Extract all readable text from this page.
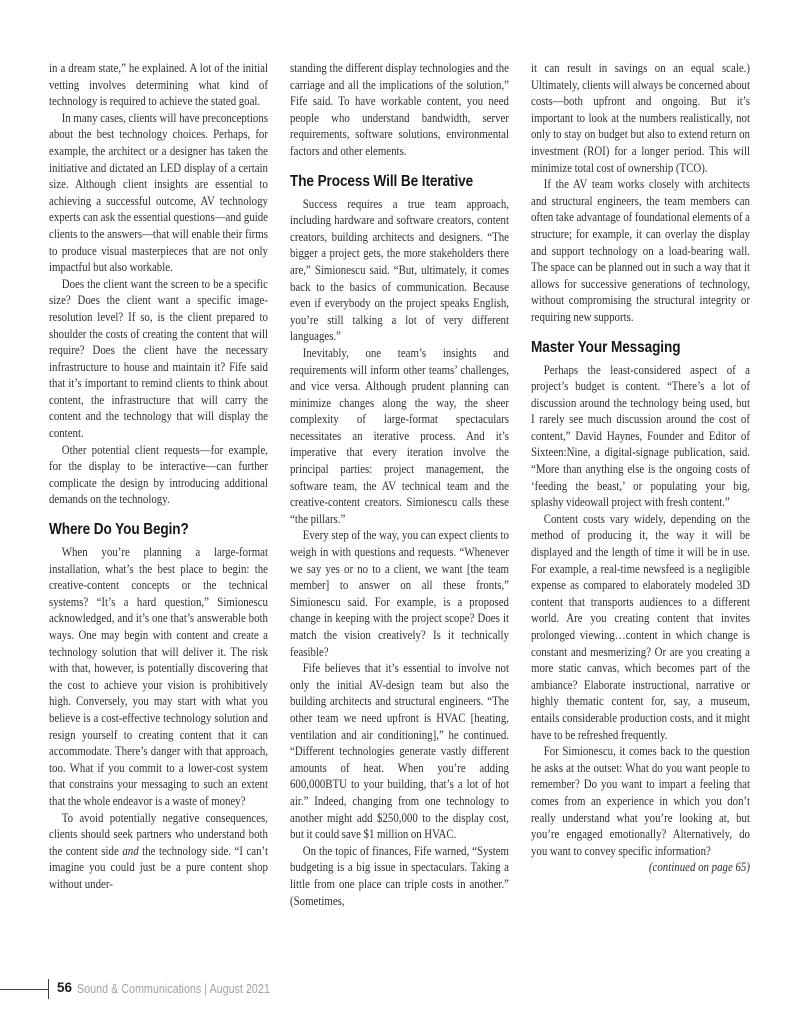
in a dream state,” he explained. A lot of the initial vetting involves determining what kind of technology is required to achieve the stated goal.

In many cases, clients will have preconceptions about the best technology choices. Perhaps, for example, the architect or a designer has taken the initiative and dictated an LED display of a certain size. Although client insights are essential to achieving a successful outcome, AV technology experts can ask the essential questions—and guide clients to the answers—that will enable their firms to produce visual masterpieces that are not only impactful but also workable.

Does the client want the screen to be a specific size? Does the client want a specific image-resolution level? If so, is the client prepared to shoulder the costs of creating the content that will require? Does the client have the necessary infrastructure to house and maintain it? Fife said that it’s important to remind clients to think about content, the infrastructure that will carry the content and the technology that will display the content.

Other potential client requests—for example, for the display to be interactive—can further complicate the design by introducing additional demands on the technology.

Where Do You Begin?

When you’re planning a large-format installation, what’s the best place to begin: the creative-content concepts or the technical systems? “It’s a hard question,” Simionescu acknowledged, and it’s one that’s answerable both ways. One may begin with content and create a technology solution that will deliver it. The risk with that, however, is potentially discovering that the cost to achieve your vision is prohibitively high. Conversely, you may start with what you believe is a cost-effective technology solution and resign yourself to creating content that it can accommodate. There’s danger with that approach, too. What if you commit to a lower-cost system that constrains your messaging to such an extent that the whole endeavor is a waste of money?

To avoid potentially negative consequences, clients should seek partners who understand both the content side and the technology side. “I can’t imagine you could just be a pure content shop without under-

standing the different display technologies and the carriage and all the implications of the solution,” Fife said. To have workable content, you need people who understand bandwidth, server requirements, software solutions, environmental factors and other elements.

The Process Will Be Iterative

Success requires a true team approach, including hardware and software creators, content creators, building architects and designers. “The bigger a project gets, the more stakeholders there are,” Simionescu said. “But, ultimately, it comes back to the basics of communication. Because even if everybody on the project speaks English, you’re still talking a lot of very different languages.”

Inevitably, one team’s insights and requirements will inform other teams’ challenges, and vice versa. Although prudent planning can minimize changes along the way, the sheer complexity of large-format spectaculars necessitates an iterative process. And it’s imperative that every iteration involve the principal parties: project management, the software team, the AV technical team and the creative-content creators. Simionescu calls these “the pillars.”

Every step of the way, you can expect clients to weigh in with questions and requests. “Whenever we say yes or no to a client, we want [the team member] to answer on all these fronts,” Simionescu said. For example, is a proposed change in keeping with the project scope? Does it match the vision creatively? Is it technically feasible?

Fife believes that it’s essential to involve not only the initial AV-design team but also the building architects and structural engineers. “The other team we need upfront is HVAC [heating, ventilation and air conditioning],” he continued. “Different technologies generate vastly different amounts of heat. When you’re adding 600,000BTU to your building, that’s a lot of hot air.” Indeed, changing from one technology to another might add $250,000 to the display cost, but it could save $1 million on HVAC.

On the topic of finances, Fife warned, “System budgeting is a big issue in spectaculars. Taking a little from one place can triple costs in another.” (Sometimes,

it can result in savings on an equal scale.) Ultimately, clients will always be concerned about costs—both upfront and ongoing. But it’s important to look at the numbers realistically, not only to stay on budget but also to extend return on investment (ROI) for a longer period. This will minimize total cost of ownership (TCO).

If the AV team works closely with architects and structural engineers, the team members can often take advantage of foundational elements of a structure; for example, it can overlay the display and support technology on a load-bearing wall. The space can be planned out in such a way that it allows for successive generations of technology, without compromising the structural integrity or requiring new supports.

Master Your Messaging

Perhaps the least-considered aspect of a project’s budget is content. “There’s a lot of discussion around the technology being used, but I rarely see much discussion around the cost of content,” David Haynes, Founder and Editor of Sixteen:Nine, a digital-signage publication, said. “More than anything else is the ongoing costs of ‘feeding the beast,’ or populating your big, splashy videowall project with fresh content.”

Content costs vary widely, depending on the method of producing it, the way it will be displayed and the length of time it will be in use. For example, a real-time newsfeed is a negligible expense as compared to elaborately modeled 3D content that transports audiences to a different world. Are you creating content that invites prolonged viewing…content in which change is constant and mesmerizing? Or are you creating a more static canvas, which becomes part of the ambiance? Elaborate instructional, narrative or highly thematic content for, say, a museum, entails considerable production costs, and it might have to be refreshed frequently.

For Simionescu, it comes back to the question he asks at the outset: What do you want people to remember? Do you want to impart a feeling that comes from an experience in which you don’t really understand what you’re looking at, but you’re engaged emotionally? Alternatively, do you want to convey specific information?

(continued on page 65)

56 Sound & Communications | August 2021
